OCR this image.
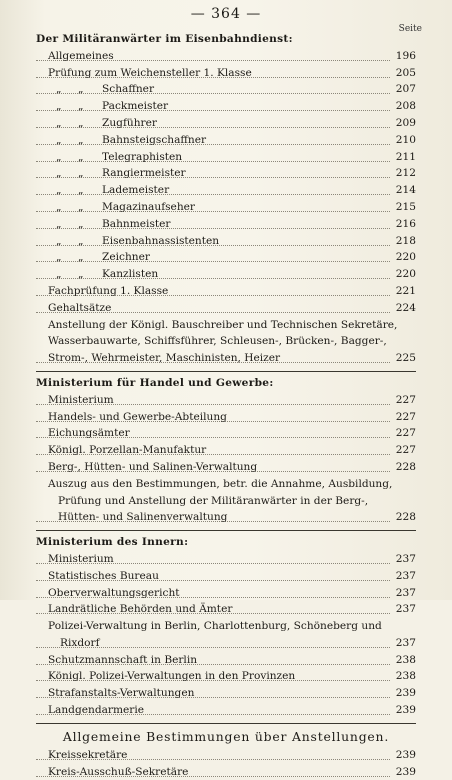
— 364 —
Seite
Der Militäranwärter im Eisenbahndienst:
Allgemeines	196
Prüfung zum Weichensteller 1. Klasse	205
„ „ Schaffner	207
„ „ Packmeister	208
„ „ Zugführer	209
„ „ Bahnsteigschaffner	210
„ „ Telegraphisten	211
„ „ Rangiermeister	212
„ „ Lademeister	214
„ „ Magazinaufseher	215
„ „ Bahnmeister	216
„ „ Eisenbahnassistenten	218
„ „ Zeichner	220
„ „ Kanzlisten	220
Fachprüfung 1. Klasse	221
Gehaltsätze	224
Anstellung der Königl. Bauschreiber und Technischen Sekretäre,
Wasserbauwarte, Schiffsführer, Schleusen-, Brücken-, Bagger-,
Strom-, Wehrmeister, Maschinisten, Heizer	225
Ministerium für Handel und Gewerbe:
Ministerium	227
Handels- und Gewerbe-Abteilung	227
Eichungsämter	227
Königl. Porzellan-Manufaktur	227
Berg-, Hütten- und Salinen-Verwaltung	228
Auszug aus den Bestimmungen, betr. die Annahme, Ausbildung,
Prüfung und Anstellung der Militäranwärter in der Berg-,
Hütten- und Salinenverwaltung	228
Ministerium des Innern:
Ministerium	237
Statistisches Bureau	237
Oberverwaltungsgericht	237
Landrätliche Behörden und Ämter	237
Polizei-Verwaltung in Berlin, Charlottenburg, Schöneberg und
Rixdorf	237
Schutzmannschaft in Berlin	238
Königl. Polizei-Verwaltungen in den Provinzen	238
Strafanstalts-Verwaltungen	239
Landgendarmerie	239
Allgemeine Bestimmungen über Anstellungen.
Kreissekretäre	239
Kreis-Ausschuß-Sekretäre	239
